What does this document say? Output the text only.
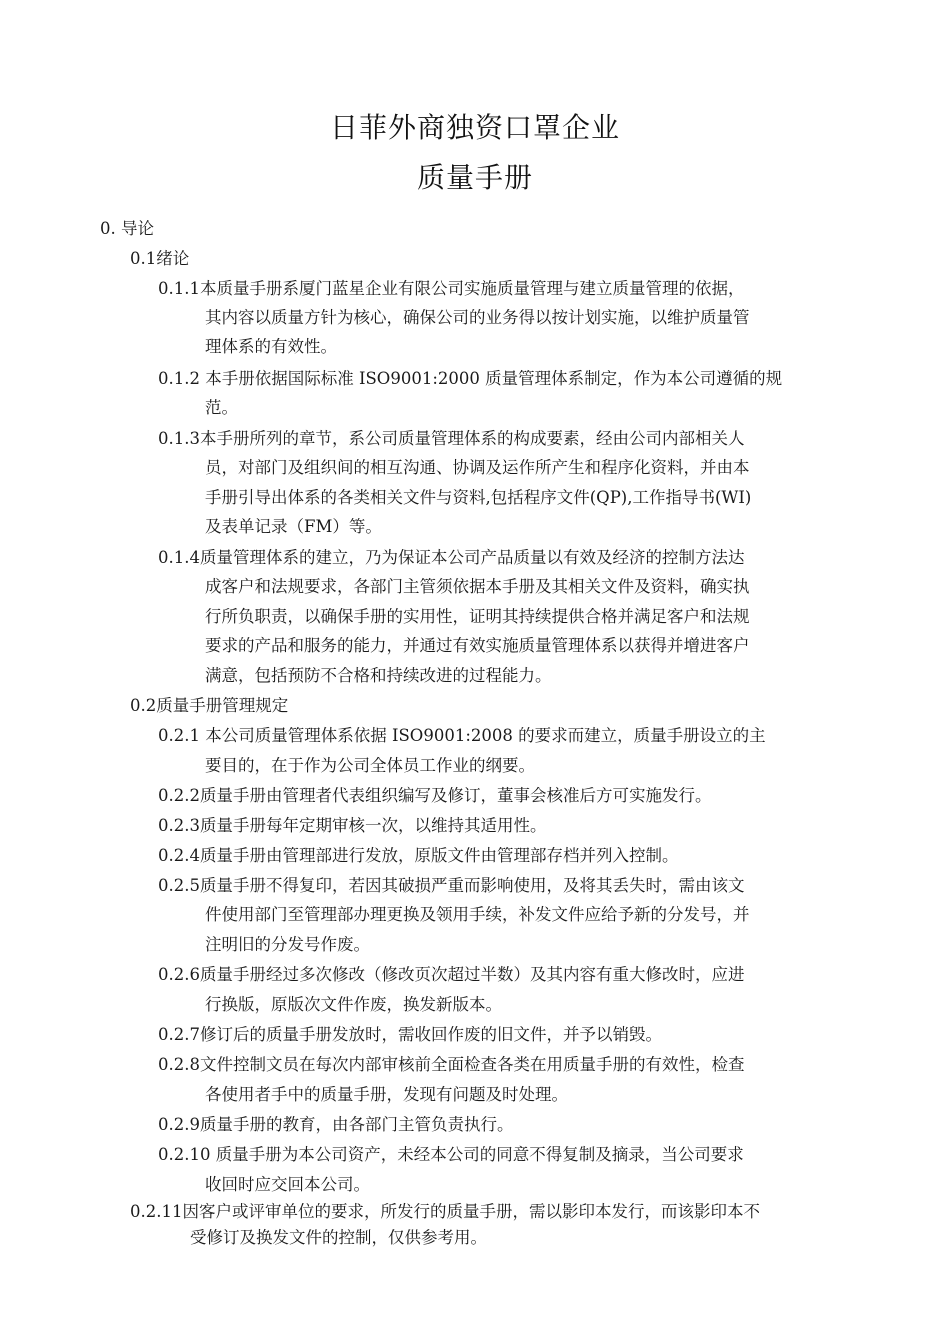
日菲外商独资口罩企业
质量手册
0. 导论
0.1绪论
0.1.1本质量手册系厦门蓝星企业有限公司实施质量管理与建立质量管理的依据，
其内容以质量方针为核心，确保公司的业务得以按计划实施，以维护质量管
理体系的有效性。
0.1.2 本手册依据国际标准 ISO9001:2000 质量管理体系制定，作为本公司遵循的规
范。
0.1.3本手册所列的章节，系公司质量管理体系的构成要素，经由公司内部相关人
员，对部门及组织间的相互沟通、协调及运作所产生和程序化资料，并由本
手册引导出体系的各类相关文件与资料,包括程序文件(QP),工作指导书(WI)
及表单记录（FM）等。
0.1.4质量管理体系的建立，乃为保证本公司产品质量以有效及经济的控制方法达
成客户和法规要求，各部门主管须依据本手册及其相关文件及资料，确实执
行所负职责，以确保手册的实用性，证明其持续提供合格并满足客户和法规
要求的产品和服务的能力，并通过有效实施质量管理体系以获得并增进客户
满意，包括预防不合格和持续改进的过程能力。
0.2质量手册管理规定
0.2.1 本公司质量管理体系依据 ISO9001:2008 的要求而建立，质量手册设立的主
要目的，在于作为公司全体员工作业的纲要。
0.2.2质量手册由管理者代表组织编写及修订，董事会核准后方可实施发行。
0.2.3质量手册每年定期审核一次，以维持其适用性。
0.2.4质量手册由管理部进行发放，原版文件由管理部存档并列入控制。
0.2.5质量手册不得复印，若因其破损严重而影响使用，及将其丢失时，需由该文
件使用部门至管理部办理更换及领用手续，补发文件应给予新的分发号，并
注明旧的分发号作废。
0.2.6质量手册经过多次修改（修改页次超过半数）及其内容有重大修改时，应进
行换版，原版次文件作废，换发新版本。
0.2.7修订后的质量手册发放时，需收回作废的旧文件，并予以销毁。
0.2.8文件控制文员在每次内部审核前全面检查各类在用质量手册的有效性，检查
各使用者手中的质量手册，发现有问题及时处理。
0.2.9质量手册的教育，由各部门主管负责执行。
0.2.10 质量手册为本公司资产，未经本公司的同意不得复制及摘录，当公司要求
收回时应交回本公司。
0.2.11因客户或评审单位的要求，所发行的质量手册，需以影印本发行，而该影印本不
受修订及换发文件的控制，仅供参考用。
